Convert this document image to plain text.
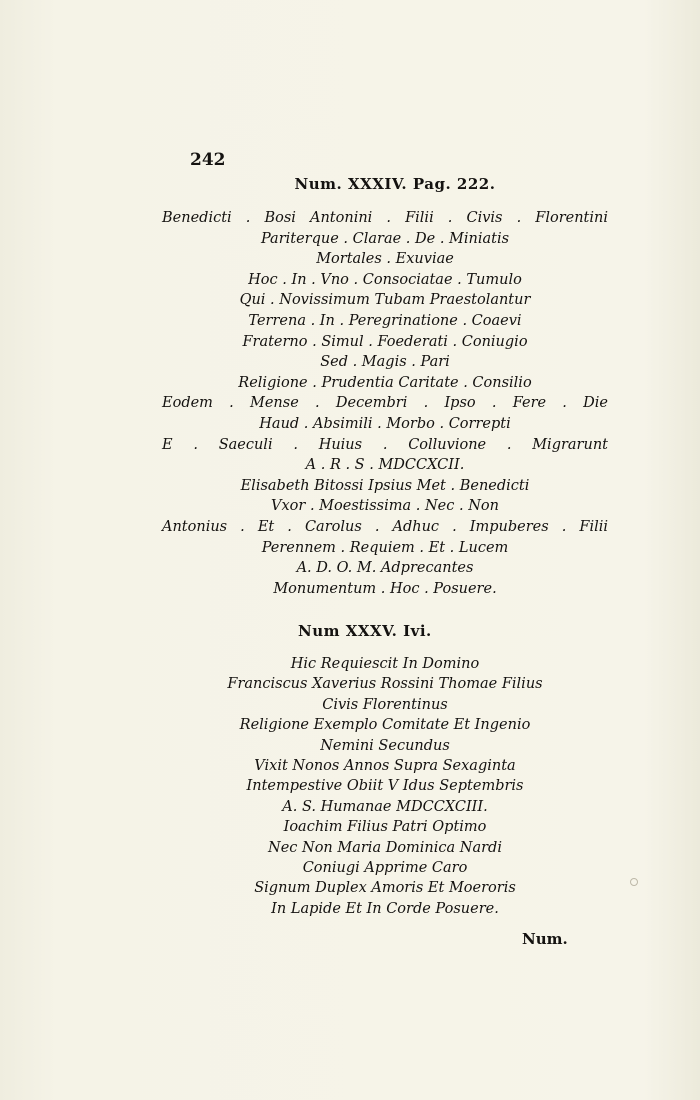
242
Num. XXXIV. Pag. 222.
Benedicti . Bosi Antonini . Filii . Civis . Florentini
Pariterque . Clarae . De . Miniatis
Mortales . Exuviae
Hoc . In . Vno . Consociatae . Tumulo
Qui . Novissimum Tubam Praestolantur
Terrena . In . Peregrinatione . Coaevi
Fraterno . Simul . Foederati . Coniugio
Sed . Magis . Pari
Religione . Prudentia Caritate . Consilio
Eodem . Mense . Decembri . Ipso . Fere . Die
Haud . Absimili . Morbo . Correpti
E . Saeculi . Huius . Colluvione . Migrarunt
A . R . S . MDCCXCII.
Elisabeth Bitossi Ipsius Met . Benedicti
Vxor . Moestissima . Nec . Non
Antonius . Et . Carolus . Adhuc . Impuberes . Filii
Perennem . Requiem . Et . Lucem
A. D. O. M. Adprecantes
Monumentum . Hoc . Posuere.
Num XXXV. Ivi.
Hic Requiescit In Domino
Franciscus Xaverius Rossini Thomae Filius
Civis Florentinus
Religione Exemplo Comitate Et Ingenio
Nemini Secundus
Vixit Nonos Annos Supra Sexaginta
Intempestive Obiit V Idus Septembris
A. S. Humanae MDCCXCIII.
Ioachim Filius Patri Optimo
Nec Non Maria Dominica Nardi
Coniugi Apprime Caro
Signum Duplex Amoris Et Moeroris
In Lapide Et In Corde Posuere.
Num.
